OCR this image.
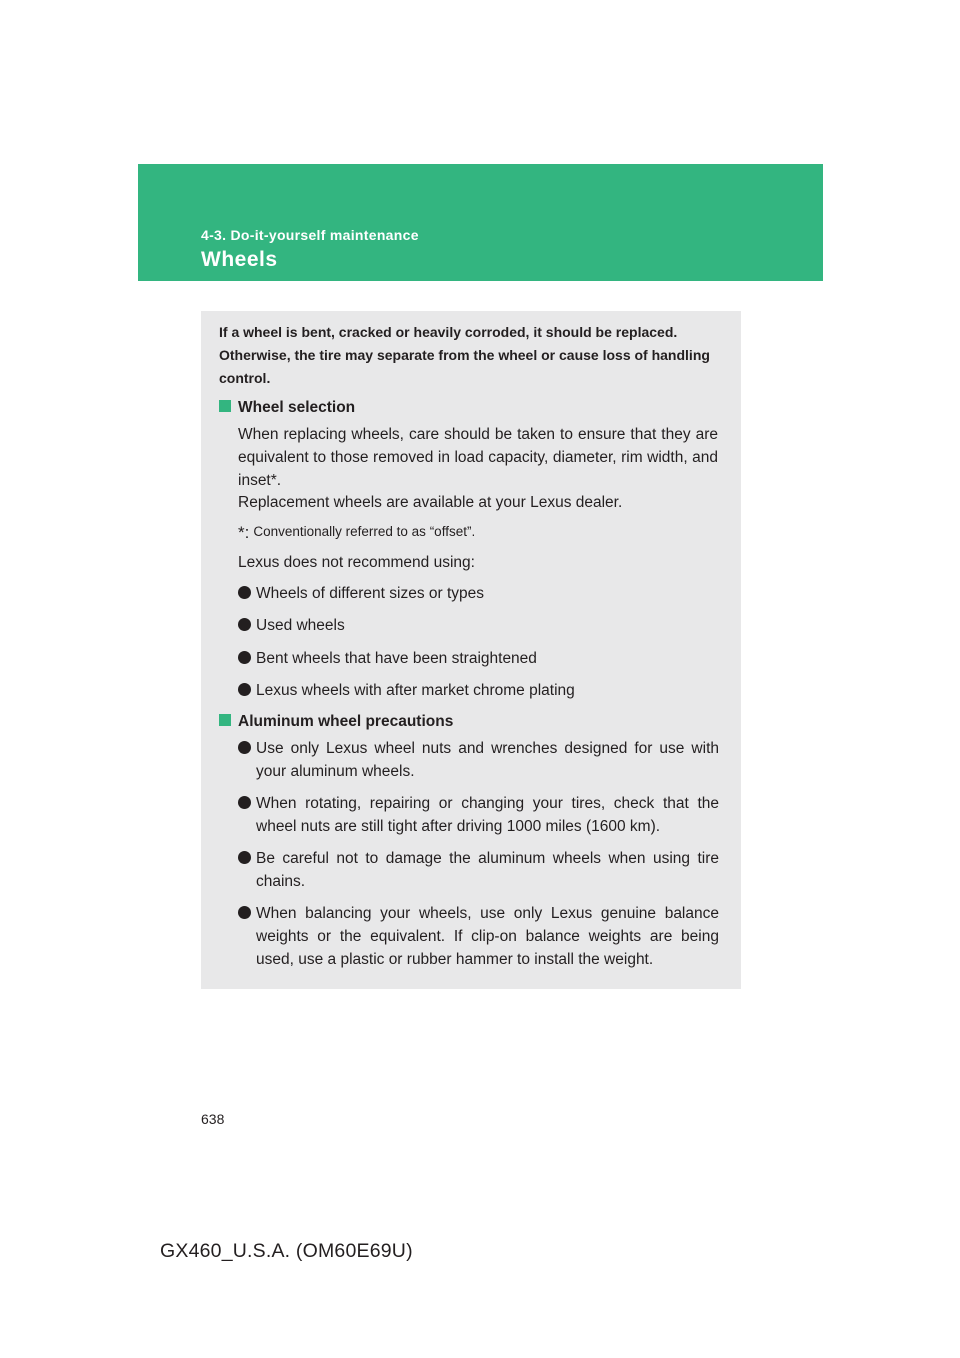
4-3. Do-it-yourself maintenance
Wheels
If a wheel is bent, cracked or heavily corroded, it should be replaced. Otherwise, the tire may separate from the wheel or cause loss of handling control.
Wheel selection
When replacing wheels, care should be taken to ensure that they are equivalent to those removed in load capacity, diameter, rim width, and inset*.
Replacement wheels are available at your Lexus dealer.
*: Conventionally referred to as “offset”.
Lexus does not recommend using:
Wheels of different sizes or types
Used wheels
Bent wheels that have been straightened
Lexus wheels with after market chrome plating
Aluminum wheel precautions
Use only Lexus wheel nuts and wrenches designed for use with your aluminum wheels.
When rotating, repairing or changing your tires, check that the wheel nuts are still tight after driving 1000 miles (1600 km).
Be careful not to damage the aluminum wheels when using tire chains.
When balancing your wheels, use only Lexus genuine balance weights or the equivalent. If clip-on balance weights are being used, use a plastic or rubber hammer to install the weight.
638
GX460_U.S.A. (OM60E69U)
